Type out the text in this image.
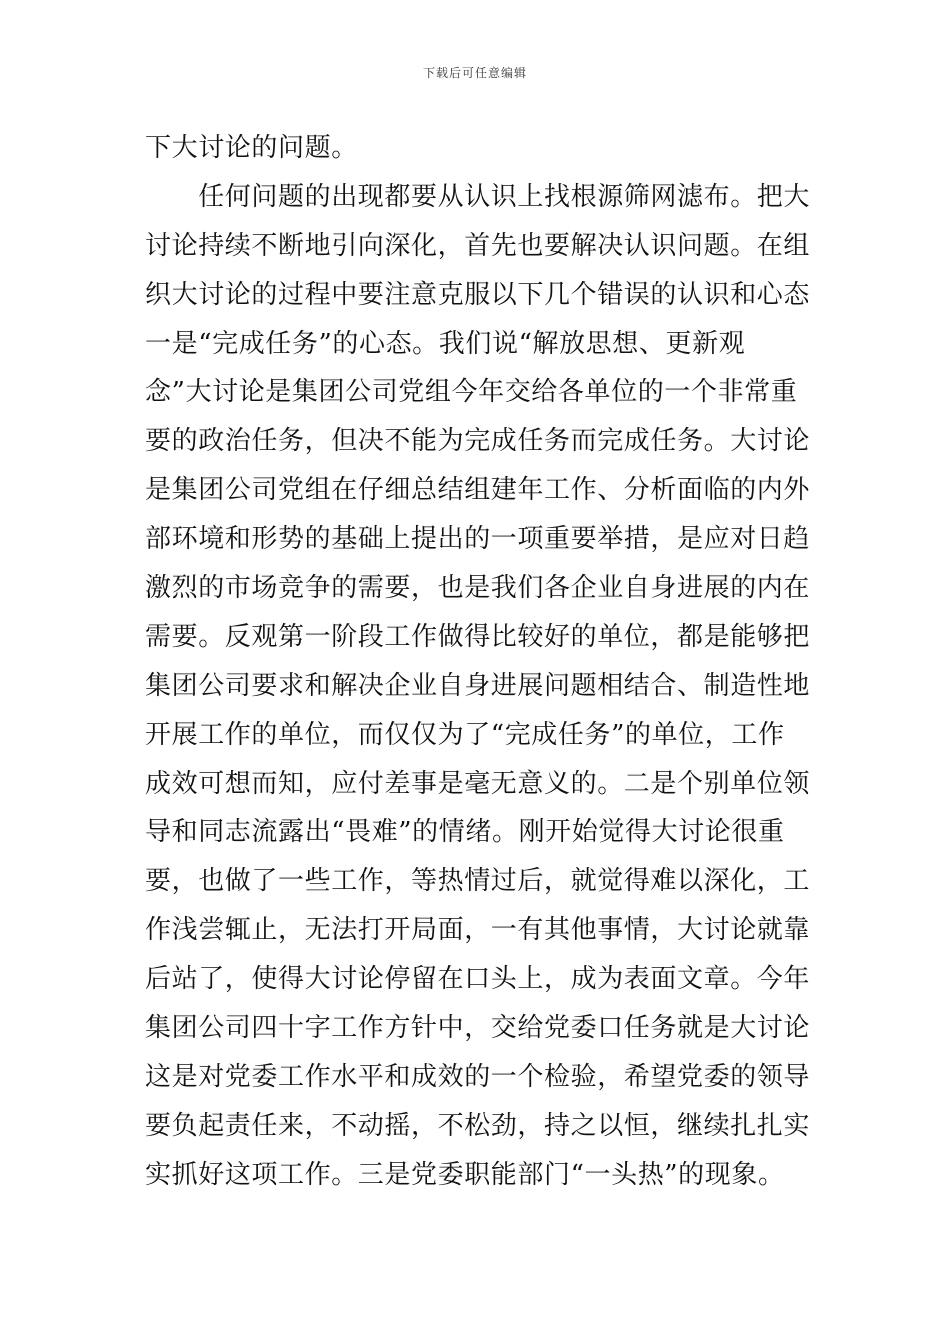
下载后可任意编辑
下大讨论的问题。
　　任何问题的出现都要从认识上找根源筛网滤布。把大
讨论持续不断地引向深化，首先也要解决认识问题。在组
织大讨论的过程中要注意克服以下几个错误的认识和心态
一是“完成任务”的心态。我们说“解放思想、更新观
念”大讨论是集团公司党组今年交给各单位的一个非常重
要的政治任务，但决不能为完成任务而完成任务。大讨论
是集团公司党组在仔细总结组建年工作、分析面临的内外
部环境和形势的基础上提出的一项重要举措，是应对日趋
激烈的市场竞争的需要，也是我们各企业自身进展的内在
需要。反观第一阶段工作做得比较好的单位，都是能够把
集团公司要求和解决企业自身进展问题相结合、制造性地
开展工作的单位，而仅仅为了“完成任务”的单位，工作
成效可想而知，应付差事是毫无意义的。二是个别单位领
导和同志流露出“畏难”的情绪。刚开始觉得大讨论很重
要，也做了一些工作，等热情过后，就觉得难以深化，工
作浅尝辄止，无法打开局面，一有其他事情，大讨论就靠
后站了，使得大讨论停留在口头上，成为表面文章。今年
集团公司四十字工作方针中，交给党委口任务就是大讨论
这是对党委工作水平和成效的一个检验，希望党委的领导
要负起责任来，不动摇，不松劲，持之以恒，继续扎扎实
实抓好这项工作。三是党委职能部门“一头热”的现象。
